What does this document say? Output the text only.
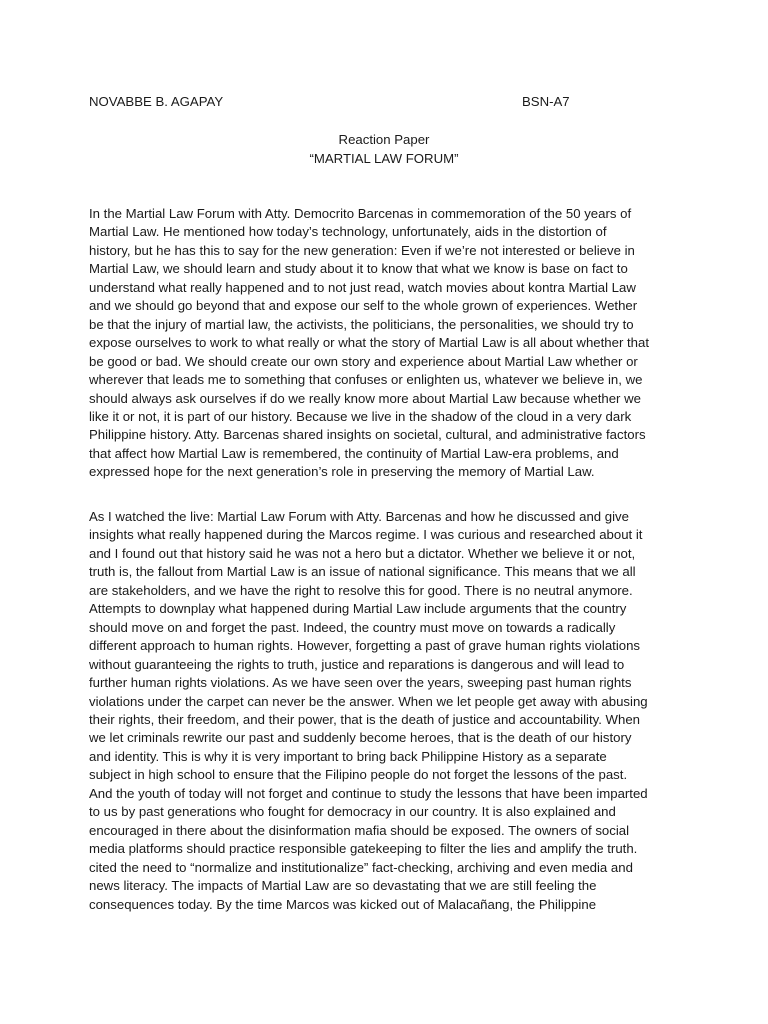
NOVABBE B. AGAPAY	BSN-A7
Reaction Paper
“MARTIAL LAW FORUM”
In the Martial Law Forum with Atty. Democrito Barcenas in commemoration of the 50 years of
Martial Law. He mentioned how today’s technology, unfortunately, aids in the distortion of
history, but he has this to say for the new generation: Even if we’re not interested or believe in
Martial Law, we should learn and study about it to know that what we know is base on fact to
understand what really happened and to not just read, watch movies about kontra Martial Law
and we should go beyond that and expose our self to the whole grown of experiences. Wether
be that the injury of martial law, the activists, the politicians, the personalities, we should try to
expose ourselves to work to what really or what the story of Martial Law is all about whether that
be good or bad. We should create our own story and experience about Martial Law whether or
wherever that leads me to something that confuses or enlighten us, whatever we believe in, we
should always ask ourselves if do we really know more about Martial Law because whether we
like it or not, it is part of our history. Because we live in the shadow of the cloud in a very dark
Philippine history. Atty. Barcenas shared insights on societal, cultural, and administrative factors
that affect how Martial Law is remembered, the continuity of Martial Law-era problems, and
expressed hope for the next generation’s role in preserving the memory of Martial Law.
As I watched the live: Martial Law Forum with Atty. Barcenas and how he discussed and give
insights what really happened during the Marcos regime. I was curious and researched about it
and I found out that history said he was not a hero but a dictator. Whether we believe it or not,
truth is, the fallout from Martial Law is an issue of national significance. This means that we all
are stakeholders, and we have the right to resolve this for good. There is no neutral anymore.
Attempts to downplay what happened during Martial Law include arguments that the country
should move on and forget the past. Indeed, the country must move on towards a radically
different approach to human rights. However, forgetting a past of grave human rights violations
without guaranteeing the rights to truth, justice and reparations is dangerous and will lead to
further human rights violations. As we have seen over the years, sweeping past human rights
violations under the carpet can never be the answer. When we let people get away with abusing
their rights, their freedom, and their power, that is the death of justice and accountability. When
we let criminals rewrite our past and suddenly become heroes, that is the death of our history
and identity. This is why it is very important to bring back Philippine History as a separate
subject in high school to ensure that the Filipino people do not forget the lessons of the past.
And the youth of today will not forget and continue to study the lessons that have been imparted
to us by past generations who fought for democracy in our country. It is also explained and
encouraged in there about the disinformation mafia should be exposed. The owners of social
media platforms should practice responsible gatekeeping to filter the lies and amplify the truth.
cited the need to “normalize and institutionalize” fact-checking, archiving and even media and
news literacy. The impacts of Martial Law are so devastating that we are still feeling the
consequences today. By the time Marcos was kicked out of Malacañang, the Philippine
